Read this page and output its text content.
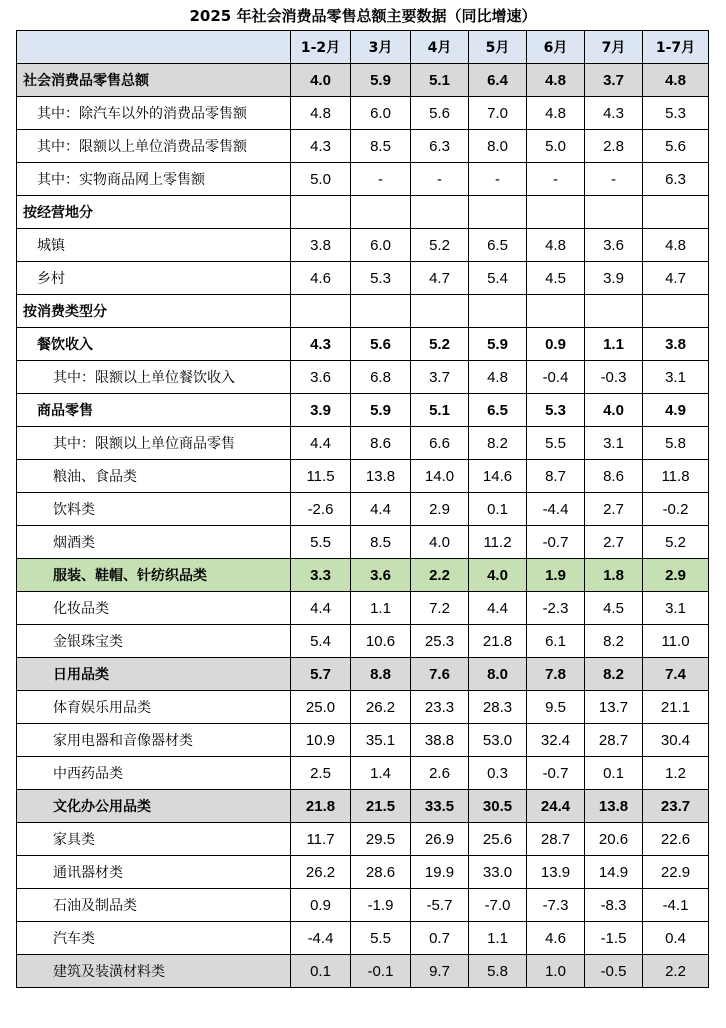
2025 年社会消费品零售总额主要数据（同比增速）
	1-2月	3月	4月	5月	6月	7月	1-7月
社会消费品零售总额	4.0	5.9	5.1	6.4	4.8	3.7	4.8
其中：除汽车以外的消费品零售额	4.8	6.0	5.6	7.0	4.8	4.3	5.3
其中：限额以上单位消费品零售额	4.3	8.5	6.3	8.0	5.0	2.8	5.6
其中：实物商品网上零售额	5.0	-	-	-	-	-	6.3
按经营地分							
城镇	3.8	6.0	5.2	6.5	4.8	3.6	4.8
乡村	4.6	5.3	4.7	5.4	4.5	3.9	4.7
按消费类型分							
餐饮收入	4.3	5.6	5.2	5.9	0.9	1.1	3.8
其中：限额以上单位餐饮收入	3.6	6.8	3.7	4.8	-0.4	-0.3	3.1
商品零售	3.9	5.9	5.1	6.5	5.3	4.0	4.9
其中：限额以上单位商品零售	4.4	8.6	6.6	8.2	5.5	3.1	5.8
粮油、食品类	11.5	13.8	14.0	14.6	8.7	8.6	11.8
饮料类	-2.6	4.4	2.9	0.1	-4.4	2.7	-0.2
烟酒类	5.5	8.5	4.0	11.2	-0.7	2.7	5.2
服装、鞋帽、针纺织品类	3.3	3.6	2.2	4.0	1.9	1.8	2.9
化妆品类	4.4	1.1	7.2	4.4	-2.3	4.5	3.1
金银珠宝类	5.4	10.6	25.3	21.8	6.1	8.2	11.0
日用品类	5.7	8.8	7.6	8.0	7.8	8.2	7.4
体育娱乐用品类	25.0	26.2	23.3	28.3	9.5	13.7	21.1
家用电器和音像器材类	10.9	35.1	38.8	53.0	32.4	28.7	30.4
中西药品类	2.5	1.4	2.6	0.3	-0.7	0.1	1.2
文化办公用品类	21.8	21.5	33.5	30.5	24.4	13.8	23.7
家具类	11.7	29.5	26.9	25.6	28.7	20.6	22.6
通讯器材类	26.2	28.6	19.9	33.0	13.9	14.9	22.9
石油及制品类	0.9	-1.9	-5.7	-7.0	-7.3	-8.3	-4.1
汽车类	-4.4	5.5	0.7	1.1	4.6	-1.5	0.4
建筑及装潢材料类	0.1	-0.1	9.7	5.8	1.0	-0.5	2.2
